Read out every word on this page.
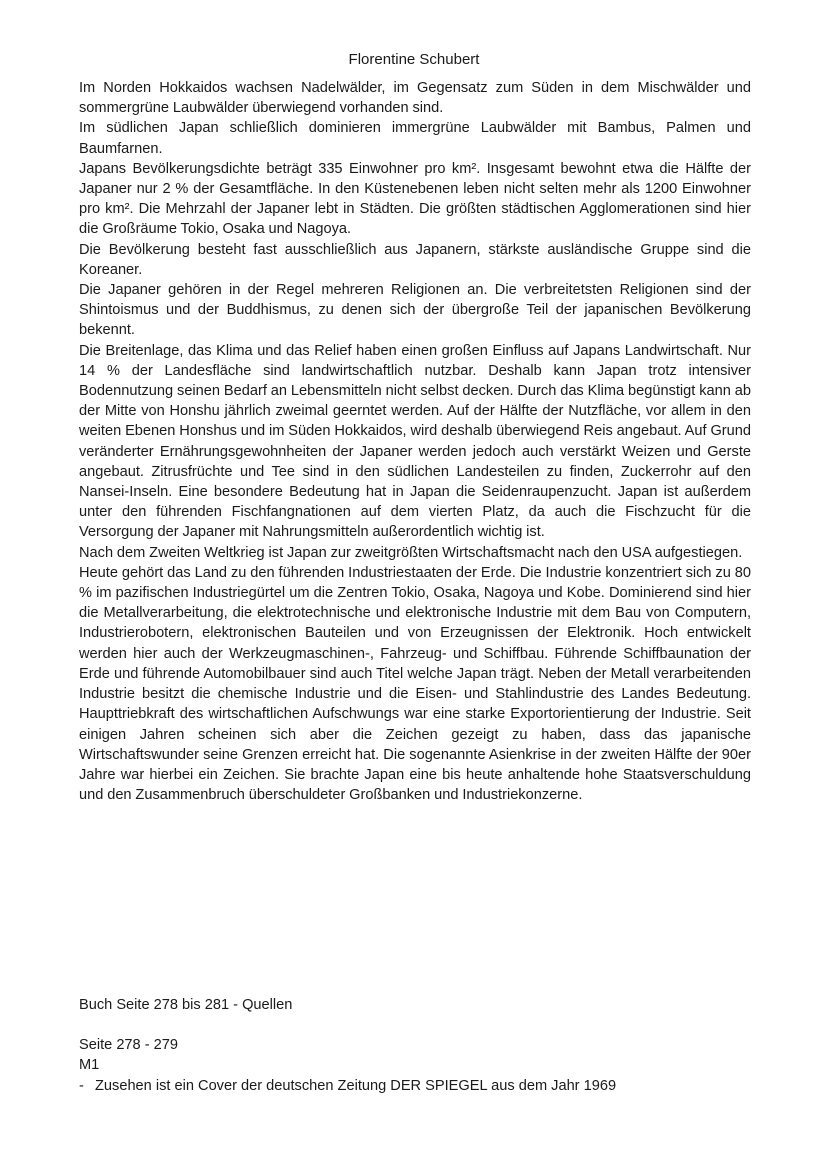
Florentine Schubert

Im Norden Hokkaidos wachsen Nadelwälder, im Gegensatz zum Süden in dem Mischwälder und sommergrüne Laubwälder überwiegend vorhanden sind.

Im südlichen Japan schließlich dominieren immergrüne Laubwälder mit Bambus, Palmen und Baumfarnen.

Japans Bevölkerungsdichte beträgt 335 Einwohner pro km². Insgesamt bewohnt etwa die Hälfte der Japaner nur 2 % der Gesamtfläche. In den Küstenebenen leben nicht selten mehr als 1200 Einwohner pro km². Die Mehrzahl der Japaner lebt in Städten. Die größten städtischen Agglomerationen sind hier die Großräume Tokio, Osaka und Nagoya.

Die Bevölkerung besteht fast ausschließlich aus Japanern, stärkste ausländische Gruppe sind die Koreaner.

Die Japaner gehören in der Regel mehreren Religionen an. Die verbreitetsten Religionen sind der Shintoismus und der Buddhismus, zu denen sich der übergroße Teil der japanischen Bevölkerung bekennt.

Die Breitenlage, das Klima und das Relief haben einen großen Einfluss auf Japans Landwirtschaft. Nur 14 % der Landesfläche sind landwirtschaftlich nutzbar. Deshalb kann Japan trotz intensiver Bodennutzung seinen Bedarf an Lebensmitteln nicht selbst decken. Durch das Klima begünstigt kann ab der Mitte von Honshu jährlich zweimal geerntet werden. Auf der Hälfte der Nutzfläche, vor allem in den weiten Ebenen Honshus und im Süden Hokkaidos, wird deshalb überwiegend Reis angebaut. Auf Grund veränderter Ernährungsgewohnheiten der Japaner werden jedoch auch verstärkt Weizen und Gerste angebaut. Zitrusfrüchte und Tee sind in den südlichen Landesteilen zu finden, Zuckerrohr auf den Nansei-Inseln. Eine besondere Bedeutung hat in Japan die Seidenraupenzucht. Japan ist außerdem unter den führenden Fischfangnationen auf dem vierten Platz, da auch die Fischzucht für die Versorgung der Japaner mit Nahrungsmitteln außerordentlich wichtig ist.

Nach dem Zweiten Weltkrieg ist Japan zur zweitgrößten Wirtschaftsmacht nach den USA aufgestiegen.

Heute gehört das Land zu den führenden Industriestaaten der Erde. Die Industrie konzentriert sich zu 80 % im pazifischen Industriegürtel um die Zentren Tokio, Osaka, Nagoya und Kobe. Dominierend sind hier die Metallverarbeitung, die elektrotechnische und elektronische Industrie mit dem Bau von Computern, Industrierobotern, elektronischen Bauteilen und von Erzeugnissen der Elektronik. Hoch entwickelt werden hier auch der Werkzeugmaschinen-, Fahrzeug- und Schiffbau. Führende Schiffbaunation der Erde und führende Automobilbauer sind auch Titel welche Japan trägt. Neben der Metall verarbeitenden Industrie besitzt die chemische Industrie und die Eisen- und Stahlindustrie des Landes Bedeutung. Haupttriebkraft des wirtschaftlichen Aufschwungs war eine starke Exportorientierung der Industrie. Seit einigen Jahren scheinen sich aber die Zeichen gezeigt zu haben, dass das japanische Wirtschaftswunder seine Grenzen erreicht hat. Die sogenannte Asienkrise in der zweiten Hälfte der 90er Jahre war hierbei ein Zeichen. Sie brachte Japan eine bis heute anhaltende hohe Staatsverschuldung und den Zusammenbruch überschuldeter Großbanken und Industriekonzerne.

Buch Seite 278 bis 281 - Quellen

Seite 278 - 279

M1

- Zusehen ist ein Cover der deutschen Zeitung DER SPIEGEL aus dem Jahr 1969
